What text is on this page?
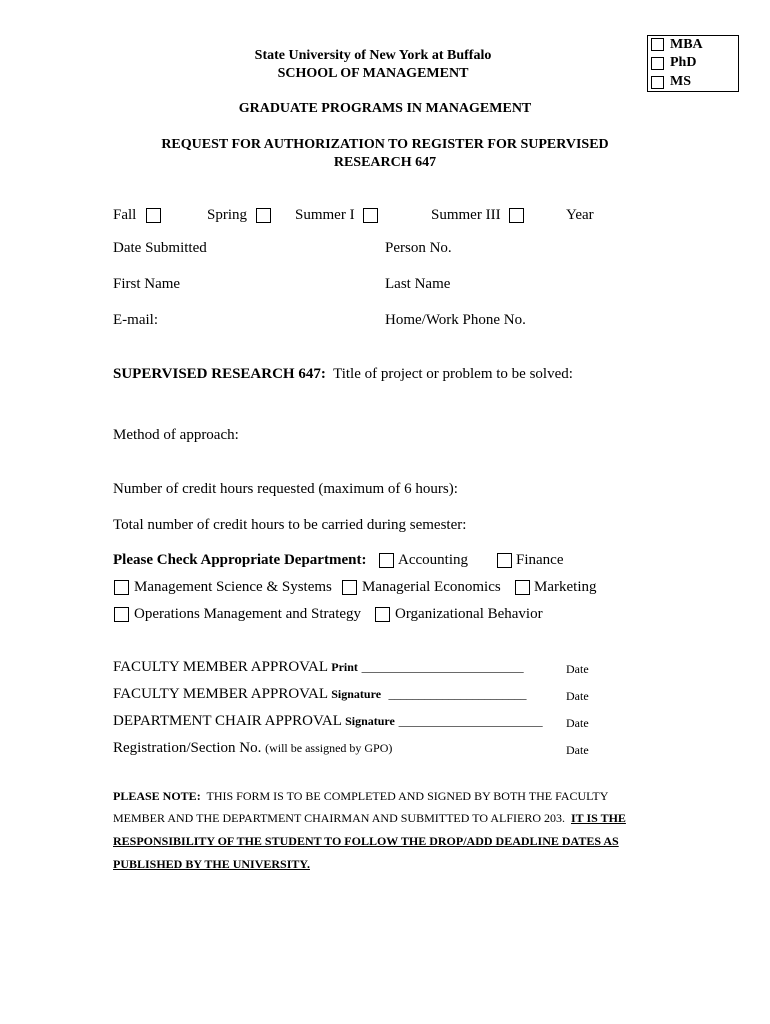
MBA
PhD
MS
State University of New York at Buffalo
SCHOOL OF MANAGEMENT
GRADUATE PROGRAMS IN MANAGEMENT
REQUEST FOR AUTHORIZATION TO REGISTER FOR SUPERVISED
RESEARCH 647
Fall	Spring	Summer I	Summer III	Year
Date Submitted	Person No.
First Name	Last Name
E-mail:	Home/Work Phone No.
SUPERVISED RESEARCH 647: Title of project or problem to be solved:
Method of approach:
Number of credit hours requested (maximum of 6 hours):
Total number of credit hours to be carried during semester:
Please Check Appropriate Department: Accounting	Finance
Management Science & Systems Managerial Economics Marketing
Operations Management and Strategy Organizational Behavior
FACULTY MEMBER APPROVAL Print ___________________________	Date
FACULTY MEMBER APPROVAL Signature _______________________	Date
DEPARTMENT CHAIR APPROVAL Signature ________________________ Date
Registration/Section No. (will be assigned by GPO)	Date
PLEASE NOTE: THIS FORM IS TO BE COMPLETED AND SIGNED BY BOTH THE FACULTY
MEMBER AND THE DEPARTMENT CHAIRMAN AND SUBMITTED TO ALFIERO 203. IT IS THE
RESPONSIBILITY OF THE STUDENT TO FOLLOW THE DROP/ADD DEADLINE DATES AS
PUBLISHED BY THE UNIVERSITY.
